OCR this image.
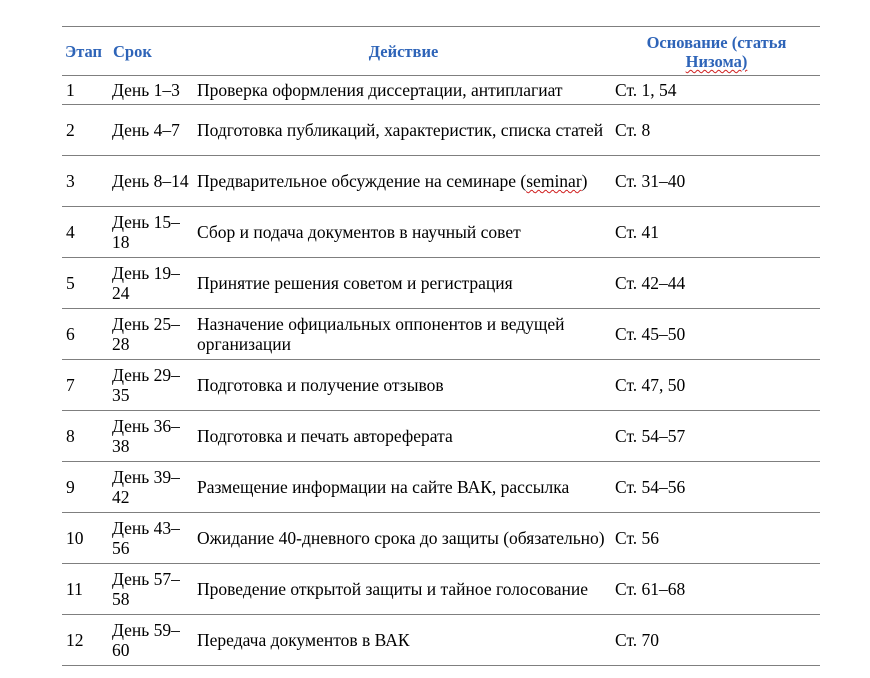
Этап	Срок	Действие	Основание (статья
Низома)
1	День 1–3	Проверка оформления диссертации, антиплагиат	Ст. 1, 54
2	День 4–7	Подготовка публикаций, характеристик, списка статей	Ст. 8
3	День 8–14	Предварительное обсуждение на семинаре (seminar)	Ст. 31–40
4	День 15–18	Сбор и подача документов в научный совет	Ст. 41
5	День 19–24	Принятие решения советом и регистрация	Ст. 42–44
6	День 25–28	Назначение официальных оппонентов и ведущей организации	Ст. 45–50
7	День 29–35	Подготовка и получение отзывов	Ст. 47, 50
8	День 36–38	Подготовка и печать автореферата	Ст. 54–57
9	День 39–42	Размещение информации на сайте ВАК, рассылка	Ст. 54–56
10	День 43–56	Ожидание 40-дневного срока до защиты (обязательно)	Ст. 56
11	День 57–58	Проведение открытой защиты и тайное голосование	Ст. 61–68
12	День 59–60	Передача документов в ВАК	Ст. 70
